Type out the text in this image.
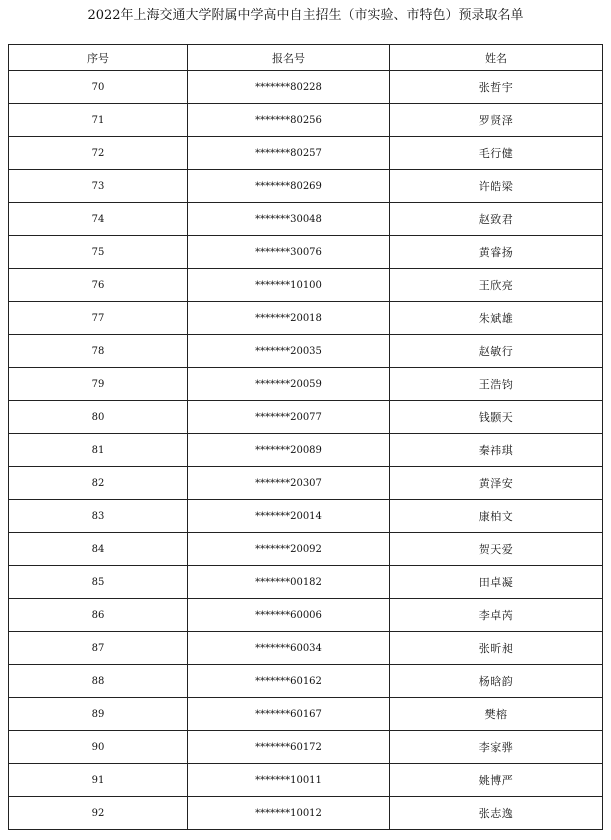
2022年上海交通大学附属中学高中自主招生（市实验、市特色）预录取名单
序号	报名号	姓名
70	*******80228	张哲宇
71	*******80256	罗贤泽
72	*******80257	毛行健
73	*******80269	许皓梁
74	*******30048	赵致君
75	*******30076	黄睿扬
76	*******10100	王欣亮
77	*******20018	朱斌雄
78	*******20035	赵敏行
79	*******20059	王浩钧
80	*******20077	钱颢天
81	*******20089	秦祎琪
82	*******20307	黄泽安
83	*******20014	康柏文
84	*******20092	贺天爱
85	*******00182	田卓凝
86	*******60006	李卓芮
87	*******60034	张昕昶
88	*******60162	杨晗韵
89	*******60167	樊榕
90	*******60172	李家骅
91	*******10011	姚博严
92	*******10012	张志逸
